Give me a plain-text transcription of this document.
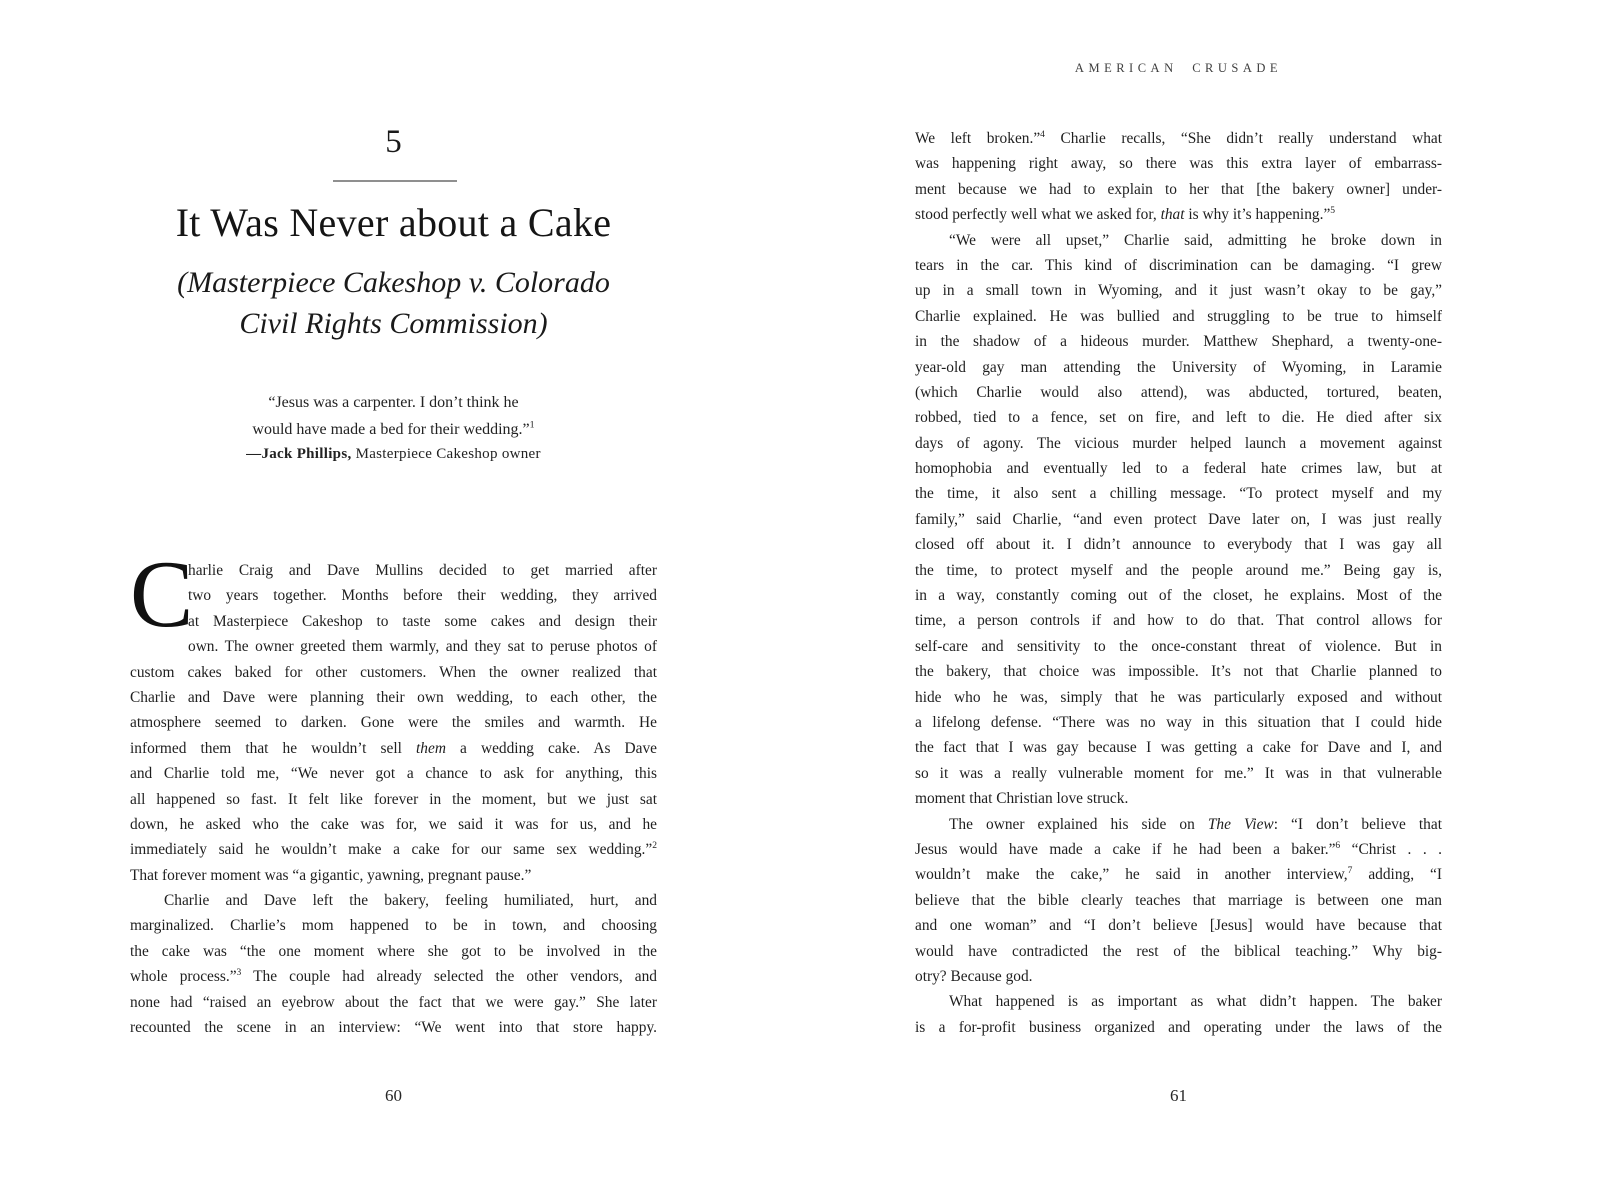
5
It Was Never about a Cake
(Masterpiece Cakeshop v. Colorado
Civil Rights Commission)
“Jesus was a carpenter. I don’t think he
would have made a bed for their wedding.”$^1$
—Jack Phillips, Masterpiece Cakeshop owner
C
harlie Craig and Dave Mullins decided to get married after
two years together. Months before their wedding, they arrived
at Masterpiece Cakeshop to taste some cakes and design their
own. The owner greeted them warmly, and they sat to peruse photos of
custom cakes baked for other customers. When the owner realized that
Charlie and Dave were planning their own wedding, to each other, the
atmosphere seemed to darken. Gone were the smiles and warmth. He
informed them that he wouldn’t sell them a wedding cake. As Dave
and Charlie told me, “We never got a chance to ask for anything, this
all happened so fast. It felt like forever in the moment, but we just sat
down, he asked who the cake was for, we said it was for us, and he
immediately said he wouldn’t make a cake for our same sex wedding.”$^2$
That forever moment was “a gigantic, yawning, pregnant pause.”
Charlie and Dave left the bakery, feeling humiliated, hurt, and
marginalized. Charlie’s mom happened to be in town, and choosing
the cake was “the one moment where she got to be involved in the
whole process.”$^3$ The couple had already selected the other vendors, and
none had “raised an eyebrow about the fact that we were gay.” She later
recounted the scene in an interview: “We went into that store happy.
60
AMERICAN CRUSADE
We left broken.”$^4$ Charlie recalls, “She didn’t really understand what
was happening right away, so there was this extra layer of embarrass-
ment because we had to explain to her that [the bakery owner] under-
stood perfectly well what we asked for, that is why it’s happening.”$^5$
“We were all upset,” Charlie said, admitting he broke down in
tears in the car. This kind of discrimination can be damaging. “I grew
up in a small town in Wyoming, and it just wasn’t okay to be gay,”
Charlie explained. He was bullied and struggling to be true to himself
in the shadow of a hideous murder. Matthew Shephard, a twenty-one-
year-old gay man attending the University of Wyoming, in Laramie
(which Charlie would also attend), was abducted, tortured, beaten,
robbed, tied to a fence, set on fire, and left to die. He died after six
days of agony. The vicious murder helped launch a movement against
homophobia and eventually led to a federal hate crimes law, but at
the time, it also sent a chilling message. “To protect myself and my
family,” said Charlie, “and even protect Dave later on, I was just really
closed off about it. I didn’t announce to everybody that I was gay all
the time, to protect myself and the people around me.” Being gay is,
in a way, constantly coming out of the closet, he explains. Most of the
time, a person controls if and how to do that. That control allows for
self-care and sensitivity to the once-constant threat of violence. But in
the bakery, that choice was impossible. It’s not that Charlie planned to
hide who he was, simply that he was particularly exposed and without
a lifelong defense. “There was no way in this situation that I could hide
the fact that I was gay because I was getting a cake for Dave and I, and
so it was a really vulnerable moment for me.” It was in that vulnerable
moment that Christian love struck.
The owner explained his side on The View: “I don’t believe that
Jesus would have made a cake if he had been a baker.”$^6$ “Christ . . .
wouldn’t make the cake,” he said in another interview,$^7$ adding, “I
believe that the bible clearly teaches that marriage is between one man
and one woman” and “I don’t believe [Jesus] would have because that
would have contradicted the rest of the biblical teaching.” Why big-
otry? Because god.
What happened is as important as what didn’t happen. The baker
is a for-profit business organized and operating under the laws of the
61
